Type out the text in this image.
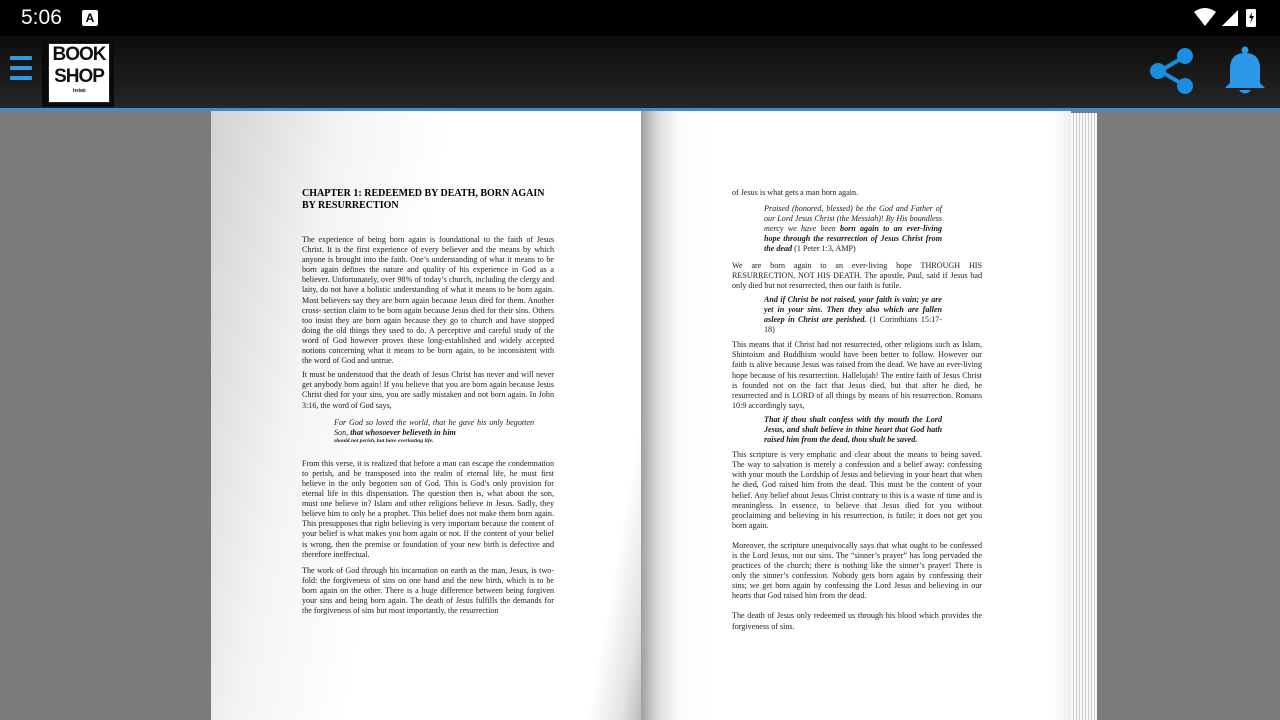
5:06	A
BOOK
SHOP
the classic
CHAPTER 1: REDEEMED BY DEATH, BORN AGAIN BY RESURRECTION

The experience of being born again is foundational to the faith of Jesus Christ. It is the first experience of every believer and the means by which anyone is brought into the faith. One’s understanding of what it means to be born again defines the nature and quality of his experience in God as a believer. Unfortunately, over 98% of today’s church, including the clergy and laity, do not have a holistic understanding of what it means to be born again. Most believers say they are born again because Jesus died for them. Another cross- section claim to be born again because Jesus died for their sins. Others too insist they are born again because they go to church and have stopped doing the old things they used to do. A perceptive and careful study of the word of God however proves these long-established and widely accepted notions concerning what it means to be born again, to be inconsistent with the word of God and untrue.

It must be understood that the death of Jesus Christ has never and will never get anybody born again! If you believe that you are born again because Jesus Christ died for your sins, you are sadly mistaken and not born again. In John 3:16, the word of God says,

For God so loved the world, that he gave his only begotten Son, that whosoever believeth in him
should not perish, but have everlasting life.

From this verse, it is realized that before a man can escape the condemnation to perish, and be transposed into the realm of eternal life, he must first believe in the only begotten son of God. This is God’s only provision for eternal life in this dispensation. The question then is, what about the son, must one believe in? Islam and other religions believe in Jesus. Sadly, they believe him to only be a prophet. This belief does not make them born again. This presupposes that right believing is very important because the content of your belief is what makes you born again or not. If the content of your belief is wrong, then the premise or foundation of your new birth is defective and therefore ineffectual.

The work of God through his incarnation on earth as the man, Jesus, is two-fold: the forgiveness of sins on one hand and the new birth, which is to be born again on the other. There is a huge difference between being forgiven your sins and being born again. The death of Jesus fulfills the demands for the forgiveness of sins but most importantly, the resurrection

of Jesus is what gets a man born again.

Praised (honored, blessed) be the God and Father of our Lord Jesus Christ (the Messiah)! By His boundless mercy we have been born again to an ever-living hope through the resurrection of Jesus Christ from the dead (1 Peter 1:3, AMP)

We are born again to an ever-living hope THROUGH HIS RESURRECTION, NOT HIS DEATH. The apostle, Paul, said if Jesus had only died but not resurrected, then our faith is futile.

And if Christ be not raised, your faith is vain; ye are yet in your sins. Then they also which are fallen asleep in Christ are perished. (1 Corinthians 15:17-18)

This means that if Christ had not resurrected, other religions such as Islam, Shintoism and Buddhism would have been better to follow. However our faith is alive because Jesus was raised from the dead. We have an ever-living hope because of his resurrection. Hallelujah! The entire faith of Jesus Christ is founded not on the fact that Jesus died, but that after he died, he resurrected and is LORD of all things by means of his resurrection. Romans 10:9 accordingly says,

That if thou shalt confess with thy mouth the Lord Jesus, and shalt believe in thine heart that God hath raised him from the dead, thou shalt be saved.

This scripture is very emphatic and clear about the means to being saved. The way to salvation is merely a confession and a belief away: confessing with your mouth the Lordship of Jesus and believing in your heart that when he died, God raised him from the dead. This must be the content of your belief. Any belief about Jesus Christ contrary to this is a waste of time and is meaningless. In essence, to believe that Jesus died for you without proclaiming and believing in his resurrection, is futile; it does not get you born again.

Moreover, the scripture unequivocally says that what ought to be confessed is the Lord Jesus, not our sins. The “sinner’s prayer” has long pervaded the practices of the church; there is nothing like the sinner’s prayer! There is only the sinner’s confession. Nobody gets born again by confessing their sins; we get born again by confessing the Lord Jesus and believing in our hearts that God raised him from the dead.

The death of Jesus only redeemed us through his blood which provides the forgiveness of sins.
